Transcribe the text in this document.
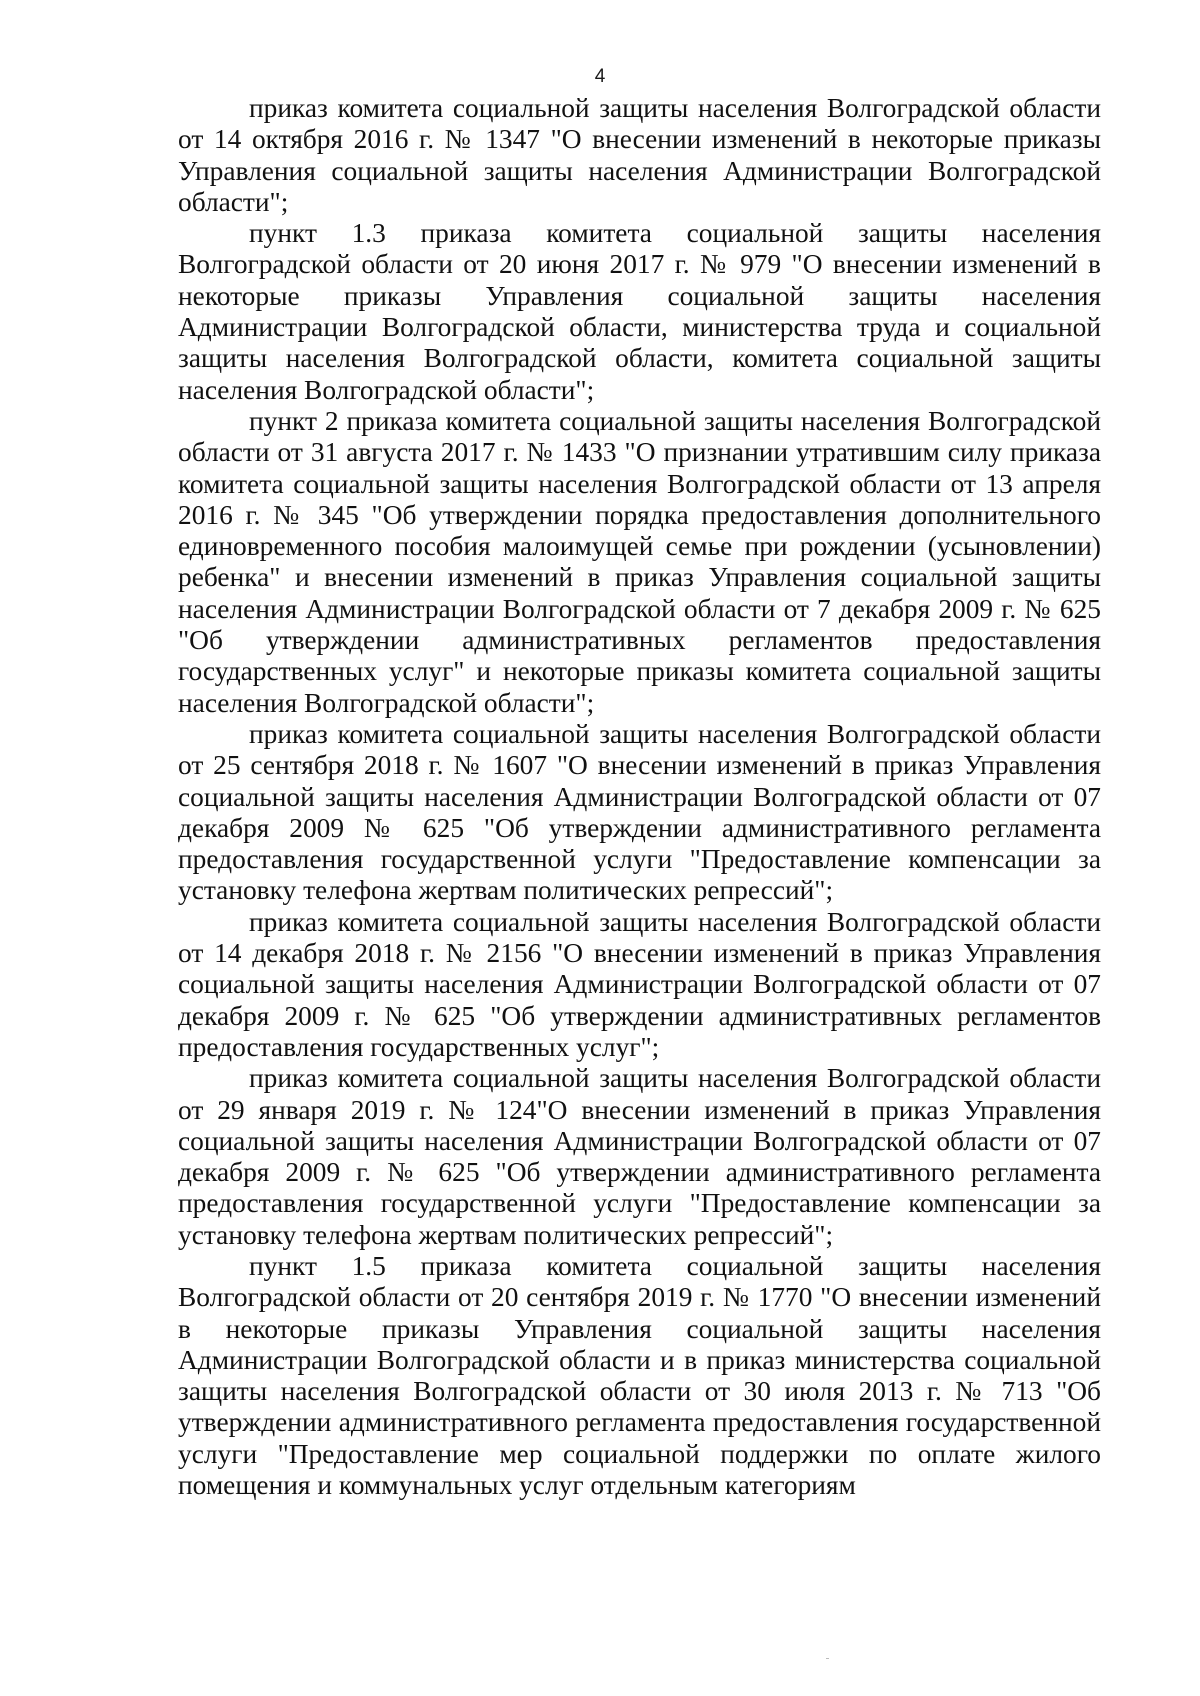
4

приказ комитета социальной защиты населения Волгоградской области от 14 октября 2016 г. № 1347 "О внесении изменений в некоторые приказы Управления социальной защиты населения Администрации Волгоградской области";

пункт 1.3 приказа комитета социальной защиты населения Волгоградской области от 20 июня 2017 г. № 979 "О внесении изменений в некоторые приказы Управления социальной защиты населения Администрации Волгоградской области, министерства труда и социальной защиты населения Волгоградской области, комитета социальной защиты населения Волгоградской области";

пункт 2 приказа комитета социальной защиты населения Волгоградской области от 31 августа 2017 г. № 1433 "О признании утратившим силу приказа комитета социальной защиты населения Волгоградской области от 13 апреля 2016 г. № 345 "Об утверждении порядка предоставления дополнительного единовременного пособия малоимущей семье при рождении (усыновлении) ребенка" и внесении изменений в приказ Управления социальной защиты населения Администрации Волгоградской области от 7 декабря 2009 г. № 625 "Об утверждении административных регламентов предоставления государственных услуг" и некоторые приказы комитета социальной защиты населения Волгоградской области";

приказ комитета социальной защиты населения Волгоградской области от 25 сентября 2018 г. № 1607 "О внесении изменений в приказ Управления социальной защиты населения Администрации Волгоградской области от 07 декабря 2009 № 625 "Об утверждении административного регламента предоставления государственной услуги "Предоставление компенсации за установку телефона жертвам политических репрессий";

приказ комитета социальной защиты населения Волгоградской области от 14 декабря 2018 г. № 2156 "О внесении изменений в приказ Управления социальной защиты населения Администрации Волгоградской области от 07 декабря 2009 г. № 625 "Об утверждении административных регламентов предоставления государственных услуг";

приказ комитета социальной защиты населения Волгоградской области от 29 января 2019 г. № 124"О внесении изменений в приказ Управления социальной защиты населения Администрации Волгоградской области от 07 декабря 2009 г. № 625 "Об утверждении административного регламента предоставления государственной услуги "Предоставление компенсации за установку телефона жертвам политических репрессий";

пункт 1.5 приказа комитета социальной защиты населения Волгоградской области от 20 сентября 2019 г. № 1770 "О внесении изменений в некоторые приказы Управления социальной защиты населения Администрации Волгоградской области и в приказ министерства социальной защиты населения Волгоградской области от 30 июля 2013 г. № 713 "Об утверждении административного регламента предоставления государственной услуги "Предоставление мер социальной поддержки по оплате жилого помещения и коммунальных услуг отдельным категориям
